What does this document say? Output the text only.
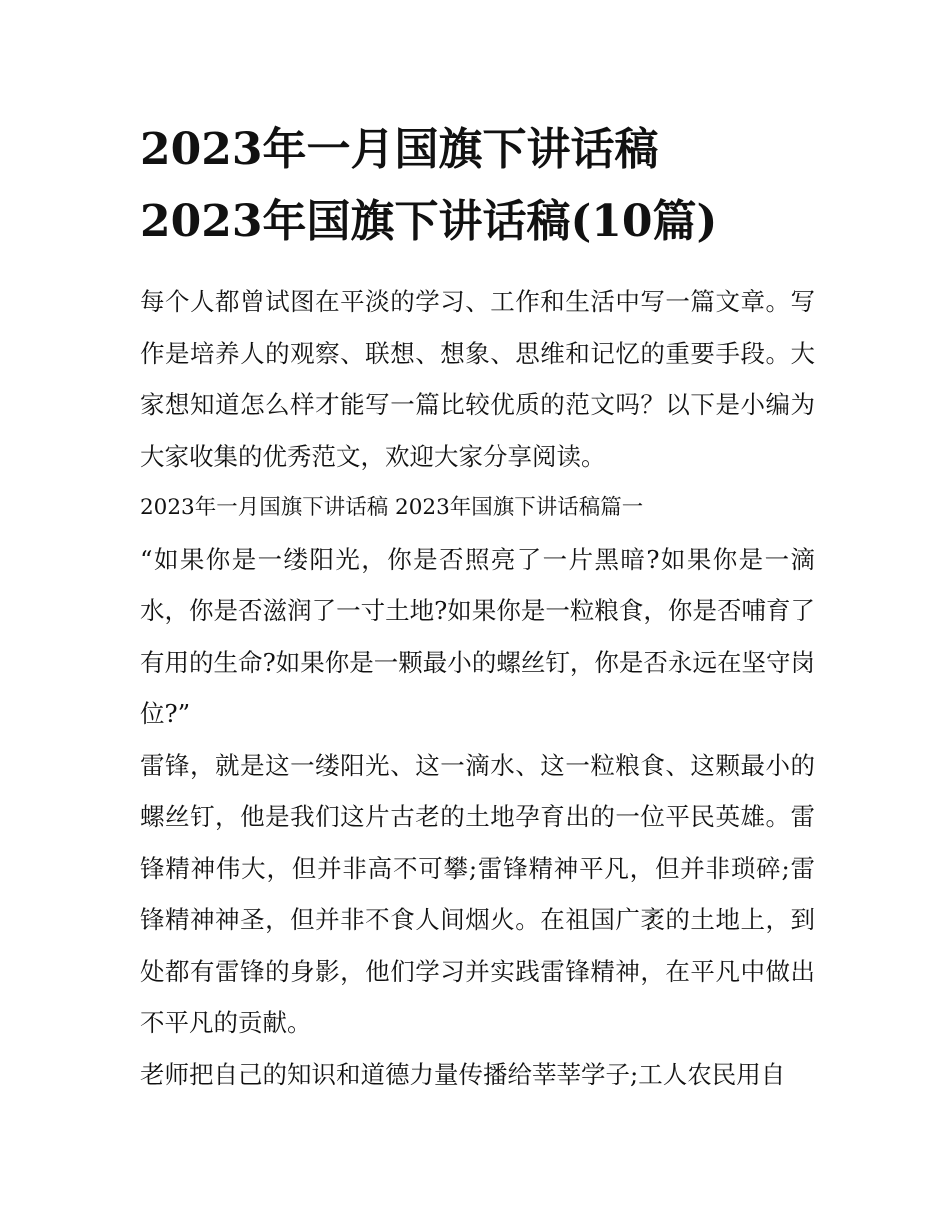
2023年一月国旗下讲话稿
2023年国旗下讲话稿(10篇)

每个人都曾试图在平淡的学习、工作和生活中写一篇文章。写作是培养人的观察、联想、想象、思维和记忆的重要手段。大家想知道怎么样才能写一篇比较优质的范文吗？以下是小编为大家收集的优秀范文，欢迎大家分享阅读。

2023年一月国旗下讲话稿 2023年国旗下讲话稿篇一

“如果你是一缕阳光，你是否照亮了一片黑暗?如果你是一滴水，你是否滋润了一寸土地?如果你是一粒粮食，你是否哺育了有用的生命?如果你是一颗最小的螺丝钉，你是否永远在坚守岗位?”

雷锋，就是这一缕阳光、这一滴水、这一粒粮食、这颗最小的螺丝钉，他是我们这片古老的土地孕育出的一位平民英雄。雷锋精神伟大，但并非高不可攀;雷锋精神平凡，但并非琐碎;雷锋精神神圣，但并非不食人间烟火。在祖国广袤的土地上，到处都有雷锋的身影，他们学习并实践雷锋精神，在平凡中做出不平凡的贡献。

老师把自己的知识和道德力量传播给莘莘学子;工人农民用自
